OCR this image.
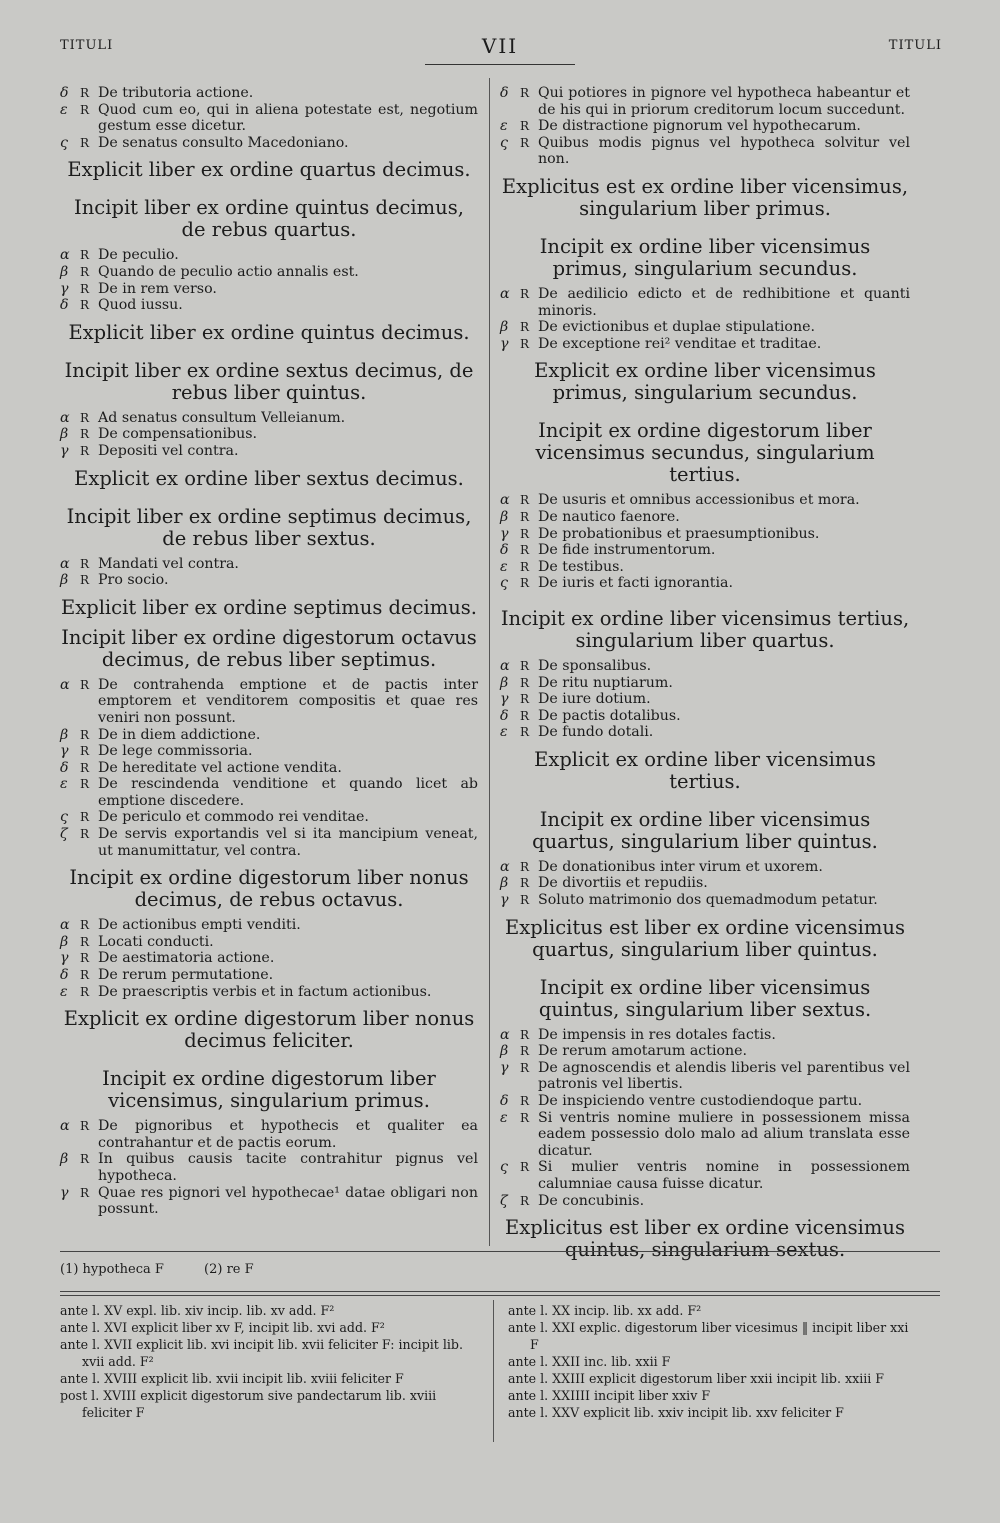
TITULI	VII	TITULI
δ R De tributoria actione.
ε	R Quod cum eo, qui in aliena potestate est, negotium gestum esse dicetur.
ς	R De senatus consulto Macedoniano.
Explicit liber ex ordine quartus decimus.
Incipit liber ex ordine quintus decimus, de rebus quartus.
α R De peculio.
β R Quando de peculio actio annalis est.
γ R De in rem verso.
δ R Quod iussu.
Explicit liber ex ordine quintus decimus.
Incipit liber ex ordine sextus decimus, de rebus liber quintus.
α R Ad senatus consultum Velleianum.
β R De compensationibus.
γ R Depositi vel contra.
Explicit ex ordine liber sextus decimus.
Incipit liber ex ordine septimus decimus, de rebus liber sextus.
α R Mandati vel contra.
β R Pro socio.
Explicit liber ex ordine septimus decimus.
Incipit liber ex ordine digestorum octavus decimus, de rebus liber septimus.
α R De contrahenda emptione et de pactis inter emptorem et venditorem compositis et quae res veniri non possunt.
β R De in diem addictione.
γ R De lege commissoria.
δ R De hereditate vel actione vendita.
ε	R De rescindenda venditione et quando licet ab emptione discedere.
ς	R De periculo et commodo rei venditae.
ζ	R De servis exportandis vel si ita mancipium veneat, ut manumittatur, vel contra.
Incipit ex ordine digestorum liber nonus decimus, de rebus octavus.
α R De actionibus empti venditi.
β R Locati conducti.
γ R De aestimatoria actione.
δ R De rerum permutatione.
ε	R De praescriptis verbis et in factum actionibus.
Explicit ex ordine digestorum liber nonus decimus feliciter.
Incipit ex ordine digestorum liber vicensimus, singularium primus.
α R De pignoribus et hypothecis et qualiter ea contrahantur et de pactis eorum.
β R In quibus causis tacite contrahitur pignus vel hypotheca.
γ R Quae res pignori vel hypothecae¹ datae obligari non possunt.
δ R Qui potiores in pignore vel hypotheca habeantur et de his qui in priorum creditorum locum succedunt.
ε	R De distractione pignorum vel hypothecarum.
ς	R Quibus modis pignus vel hypotheca solvitur vel non.
Explicitus est ex ordine liber vicensimus, singularium liber primus.
Incipit ex ordine liber vicensimus primus, singularium secundus.
α R De aedilicio edicto et de redhibitione et quanti minoris.
β R De evictionibus et duplae stipulatione.
γ R De exceptione rei² venditae et traditae.
Explicit ex ordine liber vicensimus primus, singularium secundus.
Incipit ex ordine digestorum liber vicensimus secundus, singularium tertius.
α R De usuris et omnibus accessionibus et mora.
β R De nautico faenore.
γ R De probationibus et praesumptionibus.
δ R De fide instrumentorum.
ε	R De testibus.
ς	R De iuris et facti ignorantia.
Incipit ex ordine liber vicensimus tertius, singularium liber quartus.
α R De sponsalibus.
β R De ritu nuptiarum.
γ R De iure dotium.
δ R De pactis dotalibus.
ε	R De fundo dotali.
Explicit ex ordine liber vicensimus tertius.
Incipit ex ordine liber vicensimus quartus, singularium liber quintus.
α R De donationibus inter virum et uxorem.
β R De divortiis et repudiis.
γ R Soluto matrimonio dos quemadmodum petatur.
Explicitus est liber ex ordine vicensimus quartus, singularium liber quintus.
Incipit ex ordine liber vicensimus quintus, singularium liber sextus.
α R De impensis in res dotales factis.
β R De rerum amotarum actione.
γ R De agnoscendis et alendis liberis vel parentibus vel patronis vel libertis.
δ R De inspiciendo ventre custodiendoque partu.
ε	R Si ventris nomine muliere in possessionem missa eadem possessio dolo malo ad alium translata esse dicatur.
ς	R Si mulier ventris nomine in possessionem calumniae causa fuisse dicatur.
ζ	R De concubinis.
Explicitus est liber ex ordine vicensimus quintus, singularium sextus.
(1) hypotheca F	(2) re F

ante l. XV expl. lib. xiv incip. lib. xv add. F²

ante l. XVI explicit liber xv F, incipit lib. xvi add. F²

ante l. XVII explicit lib. xvi incipit lib. xvii feliciter F: incipit lib. xvii add. F²

ante l. XVIII explicit lib. xvii incipit lib. xviii feliciter F

post l. XVIII explicit digestorum sive pandectarum lib. xviii feliciter F

ante l. XX incip. lib. xx add. F²

ante l. XXI explic. digestorum liber vicesimus ‖ incipit liber xxi F

ante l. XXII inc. lib. xxii F

ante l. XXIII explicit digestorum liber xxii incipit lib. xxiii F

ante l. XXIIII incipit liber xxiv F

ante l. XXV explicit lib. xxiv incipit lib. xxv feliciter F
